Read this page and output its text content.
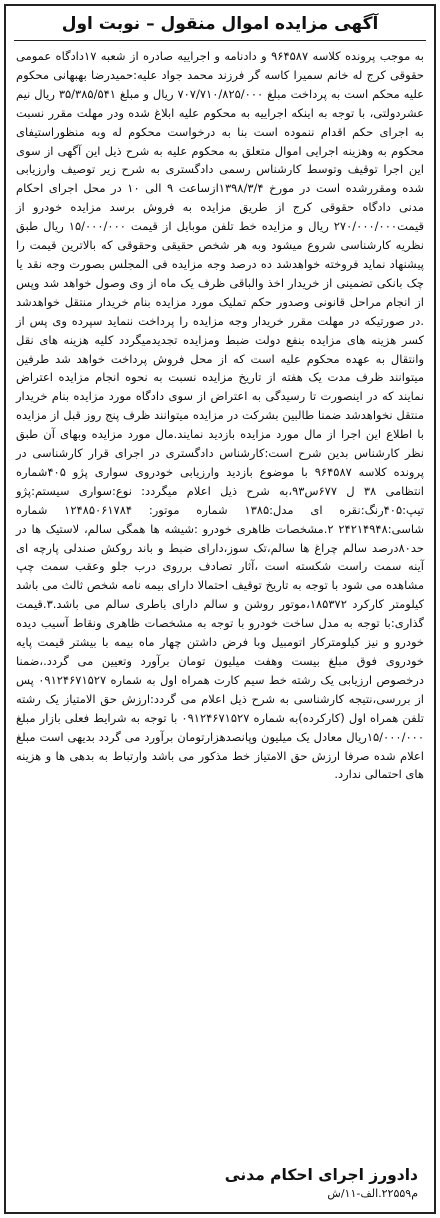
آگهی مزایده اموال منقول – نوبت اول
به موجب پرونده کلاسه ۹۶۴۵۸۷ و دادنامه و اجراییه صادره از شعبه ۱۷دادگاه عمومی حقوقی کرج له خانم سمیرا کاسه گر فرزند محمد جواد علیه:حمیدرضا بهبهانی محکوم علیه محکم است به پرداخت مبلغ ۷۰۷/۷۱۰/۸۲۵/۰۰۰ ریال و مبلغ ۳۵/۳۸۵/۵۴۱ ریال نیم عشردولتی، با توجه به اینکه اجراییه به محکوم علیه ابلاغ شده ودر مهلت مقرر نسبت به اجرای حکم اقدام ننموده است بنا به درخواست محکوم له وبه منظوراستیفای محکوم به وهزینه اجرایی اموال متعلق به محکوم علیه به شرح ذیل این آگهی از سوی این اجرا توقیف وتوسط کارشناس رسمی دادگستری به شرح زیر توصیف وارزیابی شده ومقررشده است در مورخ ۱۳۹۸/۳/۴ازساعت ۹ الی ۱۰ در محل اجرای احکام مدنی دادگاه حقوقی کرج از طریق مزایده به فروش برسد مزایده خودرو از قیمت۲۷۰/۰۰۰/۰۰۰ ریال و مزایده خط تلفن موبایل از قیمت ۱۵/۰۰۰/۰۰۰ ریال طبق نظریه کارشناسی شروع میشود وبه هر شخص حقیقی وحقوقی که بالاترین قیمت را پیشنهاد نماید فروخته خواهدشد ده درصد وجه مزایده فی المجلس بصورت وجه نقد یا چک بانکی تضمینی از خریدار اخذ والباقی ظرف یک ماه از وی وصول خواهد شد وپس از انجام مراحل قانونی وصدور حکم تملیک مورد مزایده بنام خریدار منتقل خواهدشد .در صورتیکه در مهلت مقرر خریدار وجه مزایده را پرداخت ننماید سپرده وی پس از کسر هزینه های مزایده بنفع دولت ضبط ومزایده تجدیدمیگردد کلیه هزینه های نقل وانتقال به عهده محکوم علیه است که از محل فروش پرداخت خواهد شد طرفین میتوانند ظرف مدت یک هفته از تاریخ مزایده نسبت به نحوه انجام مزایده اعتراض نمایند که در اینصورت تا رسیدگی به اعتراض از سوی دادگاه مورد مزایده بنام خریدار منتقل نخواهدشد ضمنا طالبین بشرکت در مزایده میتوانند ظرف پنج روز قبل از مزایده با اطلاع این اجرا از مال مورد مزایده بازدید نمایند.مال مورد مزایده وبهای آن طبق نظر کارشناس بدین شرح است:کارشناس دادگستری در اجرای قرار کارشناسی در پرونده کلاسه ۹۶۴۵۸۷ با موضوع بازدید وارزیابی خودروی سواری پژو ۴۰۵شماره انتظامی ۳۸ ل ۶۷۷س۹۳،به شرح ذیل اعلام میگردد: نوع:سواری سیستم:پژو تیپ:۴۰۵رنگ:نقره ای مدل:۱۳۸۵ شماره موتور: ۱۲۴۸۵۰۶۱۷۸۴ شماره شاسی:۲۴۲۱۴۹۴۸ ۲.مشخصات ظاهری خودرو :شیشه ها همگی سالم، لاستیک ها در حد۸۰درصد سالم چراغ ها سالم،تک سوز،دارای ضبط و باند روکش صندلی پارچه ای آینه سمت راست شکسته است ،آثار تصادف برروی درب جلو وعقب سمت چپ مشاهده می شود با توجه به تاریخ توقیف احتمالا دارای بیمه نامه شخص ثالث می باشد کیلومتر کارکرد ۱۸۵۳۷۲،موتور روشن و سالم دارای باطری سالم می باشد.۳.قیمت گذاری:با توجه به مدل ساخت خودرو با توجه به مشخصات ظاهری ونقاط آسیب دیده خودرو و نیز کیلومترکار اتومبیل وبا فرض داشتن چهار ماه بیمه با بیشتر قیمت پایه خودروی فوق مبلغ بیست وهفت میلیون تومان برآورد وتعیین می گردد.،ضمنا درخصوص ارزیابی یک رشته خط سیم کارت همراه اول به شماره ۰۹۱۲۴۶۷۱۵۲۷ پس از بررسی،نتیجه کارشناسی به شرح ذیل اعلام می گردد:ارزش حق الامتیاز یک رشته تلفن همراه اول (کارکرده)به شماره ۰۹۱۲۴۶۷۱۵۲۷ با توجه به شرایط فعلی بازار مبلغ ۱۵/۰۰۰/۰۰۰ریال معادل یک میلیون وپانصدهزارتومان برآورد می گردد بدیهی است مبلغ اعلام شده صرفا ارزش حق الامتیاز خط مذکور می باشد وارتباط به بدهی ها و هزینه های احتمالی ندارد.
دادورز اجرای احکام مدنی
م۲۲۵۵۹.الف-۱۱/ش
